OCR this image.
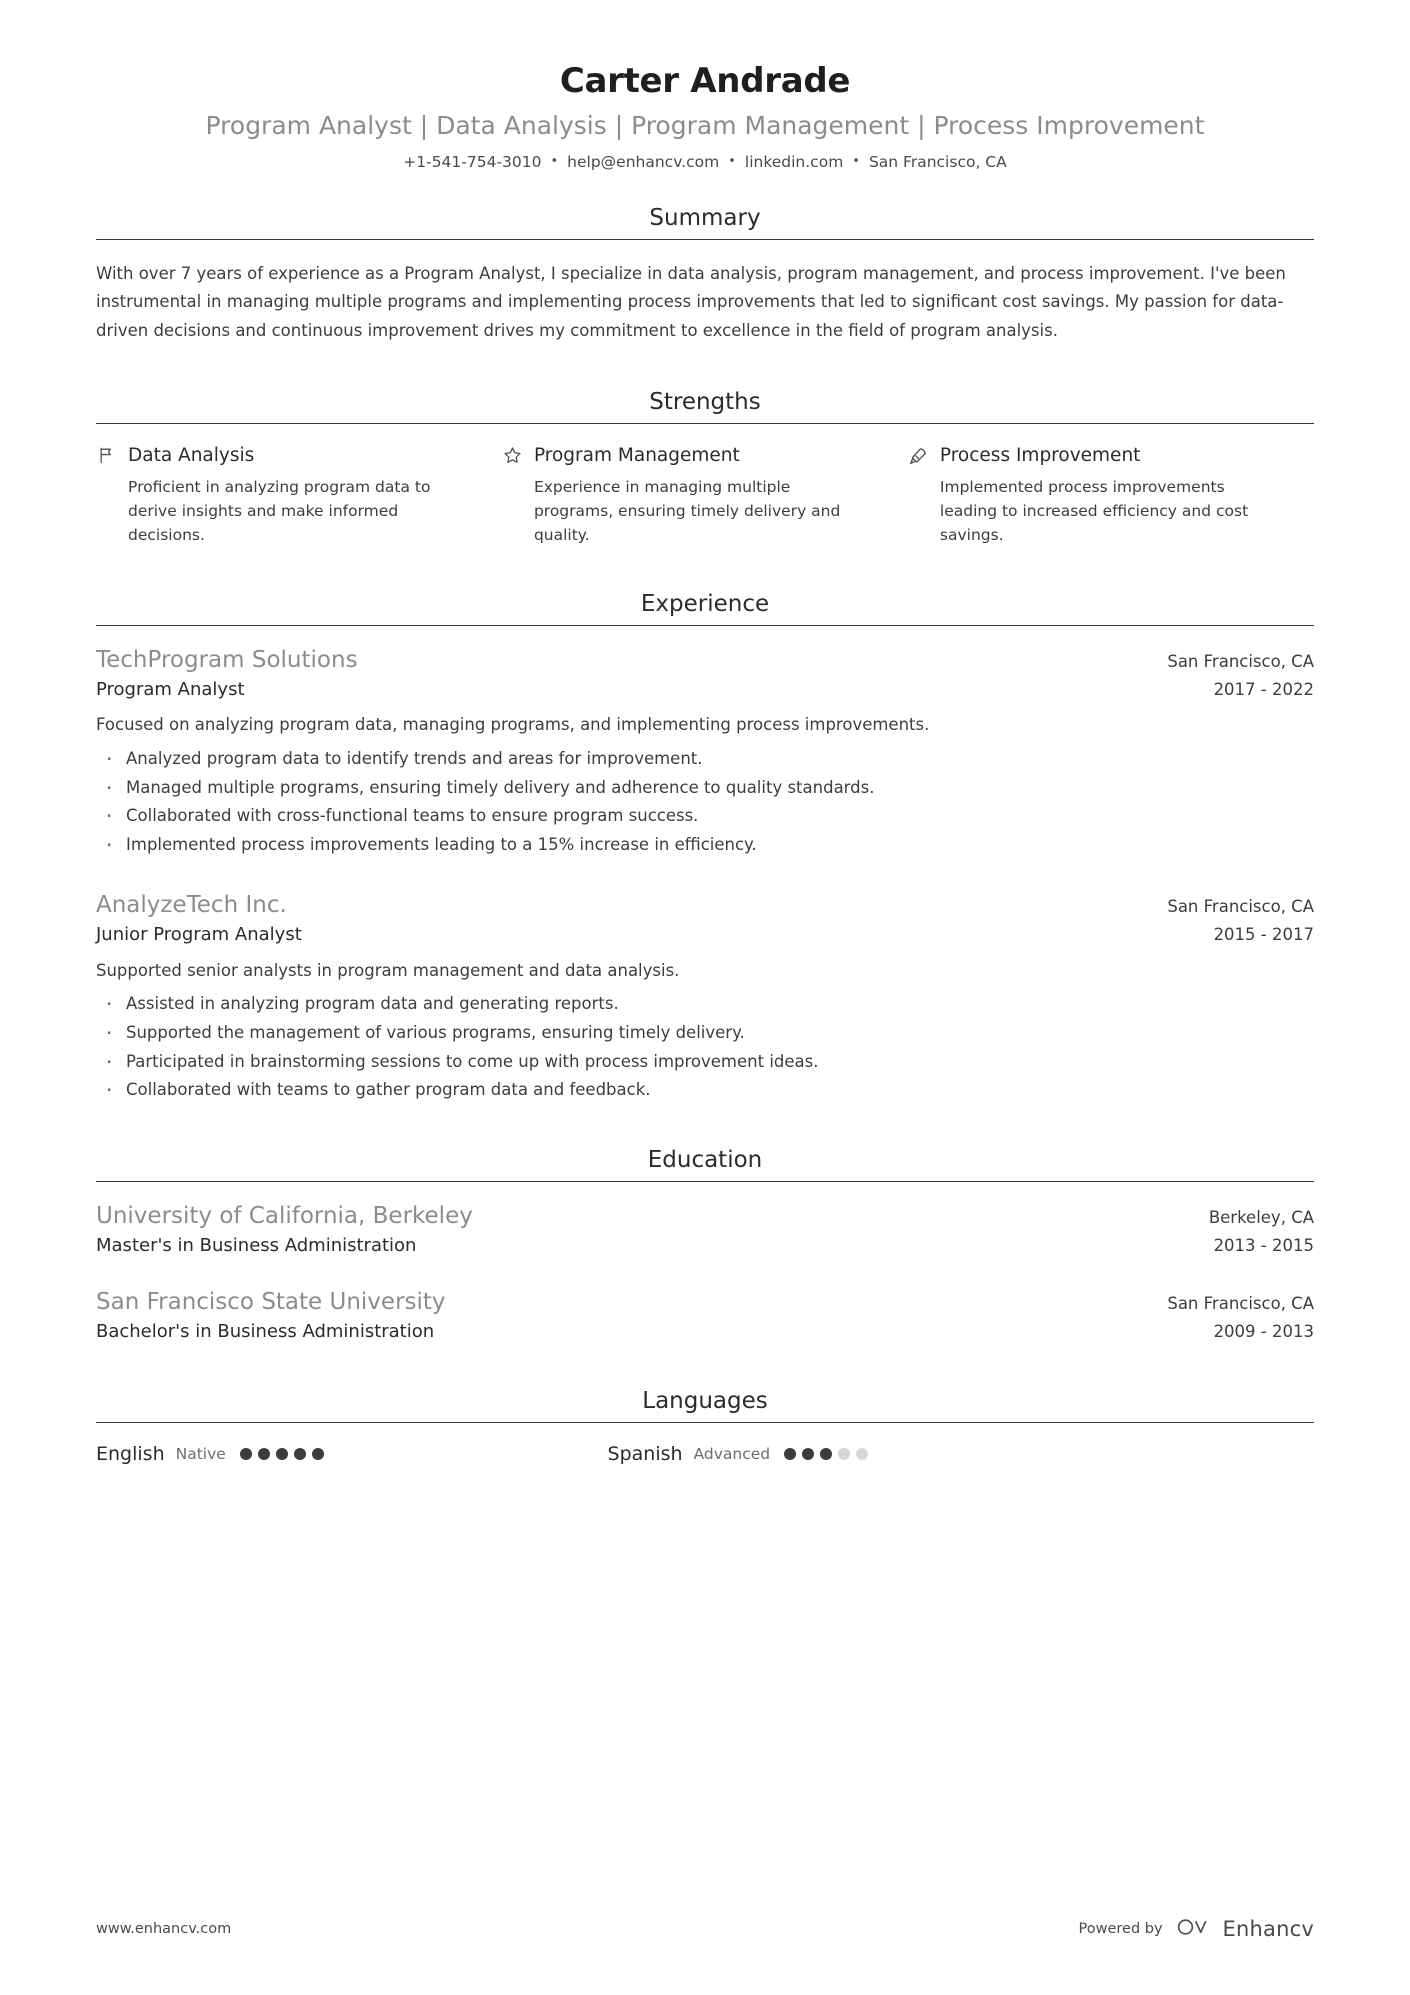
Carter Andrade
Program Analyst | Data Analysis | Program Management | Process Improvement
+1-541-754-3010 • help@enhancv.com • linkedin.com • San Francisco, CA
Summary
With over 7 years of experience as a Program Analyst, I specialize in data analysis, program management, and process improvement. I've been instrumental in managing multiple programs and implementing process improvements that led to significant cost savings. My passion for data-driven decisions and continuous improvement drives my commitment to excellence in the field of program analysis.
Strengths
Data Analysis
Proficient in analyzing program data to derive insights and make informed decisions.
Program Management
Experience in managing multiple programs, ensuring timely delivery and quality.
Process Improvement
Implemented process improvements leading to increased efficiency and cost savings.
Experience
TechProgram Solutions	San Francisco, CA
Program Analyst	2017 - 2022
Focused on analyzing program data, managing programs, and implementing process improvements.
· Analyzed program data to identify trends and areas for improvement.
· Managed multiple programs, ensuring timely delivery and adherence to quality standards.
· Collaborated with cross-functional teams to ensure program success.
· Implemented process improvements leading to a 15% increase in efficiency.
AnalyzeTech Inc.	San Francisco, CA
Junior Program Analyst	2015 - 2017
Supported senior analysts in program management and data analysis.
· Assisted in analyzing program data and generating reports.
· Supported the management of various programs, ensuring timely delivery.
· Participated in brainstorming sessions to come up with process improvement ideas.
· Collaborated with teams to gather program data and feedback.
Education
University of California, Berkeley	Berkeley, CA
Master's in Business Administration	2013 - 2015
San Francisco State University	San Francisco, CA
Bachelor's in Business Administration	2009 - 2013
Languages
English Native	Spanish Advanced
www.enhancv.com	Powered by	Enhancv
